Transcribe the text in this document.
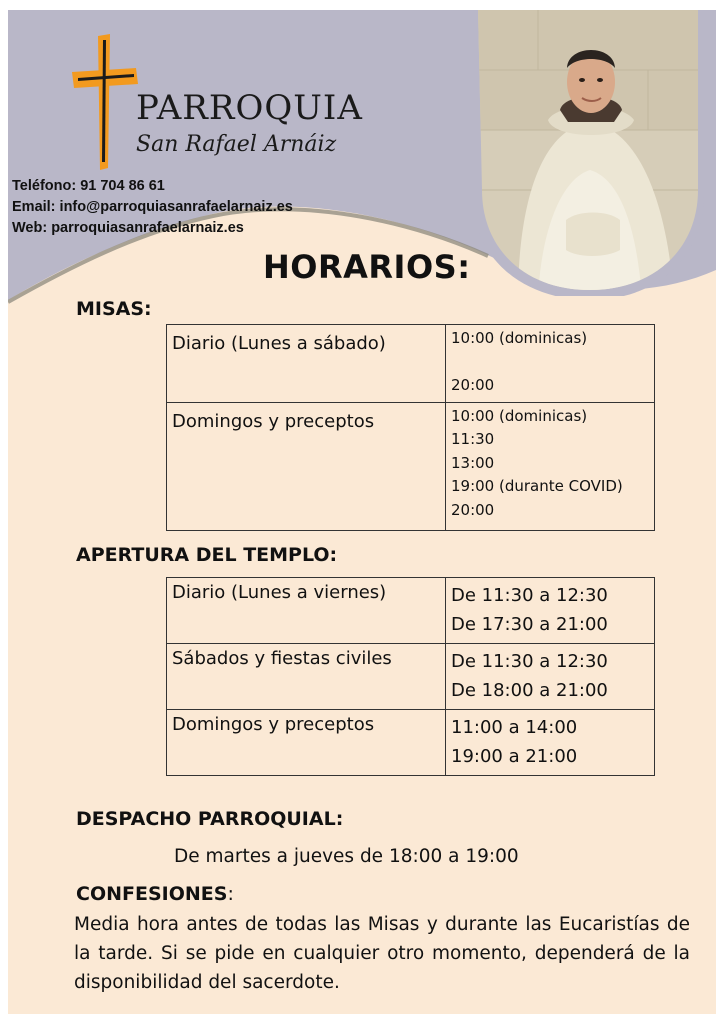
PARROQUIA
San Rafael Arnáiz
Teléfono: 91 704 86 61
Email: info@parroquiasanrafaelarnaiz.es
Web: parroquiasanrafaelarnaiz.es
HORARIOS:
MISAS:
Diario (Lunes a sábado)	10:00 (dominicas)
20:00

Domingos y preceptos	10:00 (dominicas)
11:30
13:00
19:00 (durante COVID)
20:00
APERTURA DEL TEMPLO:
Diario (Lunes a viernes)	De 11:30 a 12:30
De 17:30 a 21:00

Sábados y fiestas civiles	De 11:30 a 12:30
De 18:00 a 21:00

Domingos y preceptos	11:00 a 14:00
19:00 a 21:00
DESPACHO PARROQUIAL:
De martes a jueves de 18:00 a 19:00
CONFESIONES:
Media hora antes de todas las Misas y durante las Eucaristías de la tarde. Si se pide en cualquier otro momento, dependerá de la disponibilidad del sacerdote.
